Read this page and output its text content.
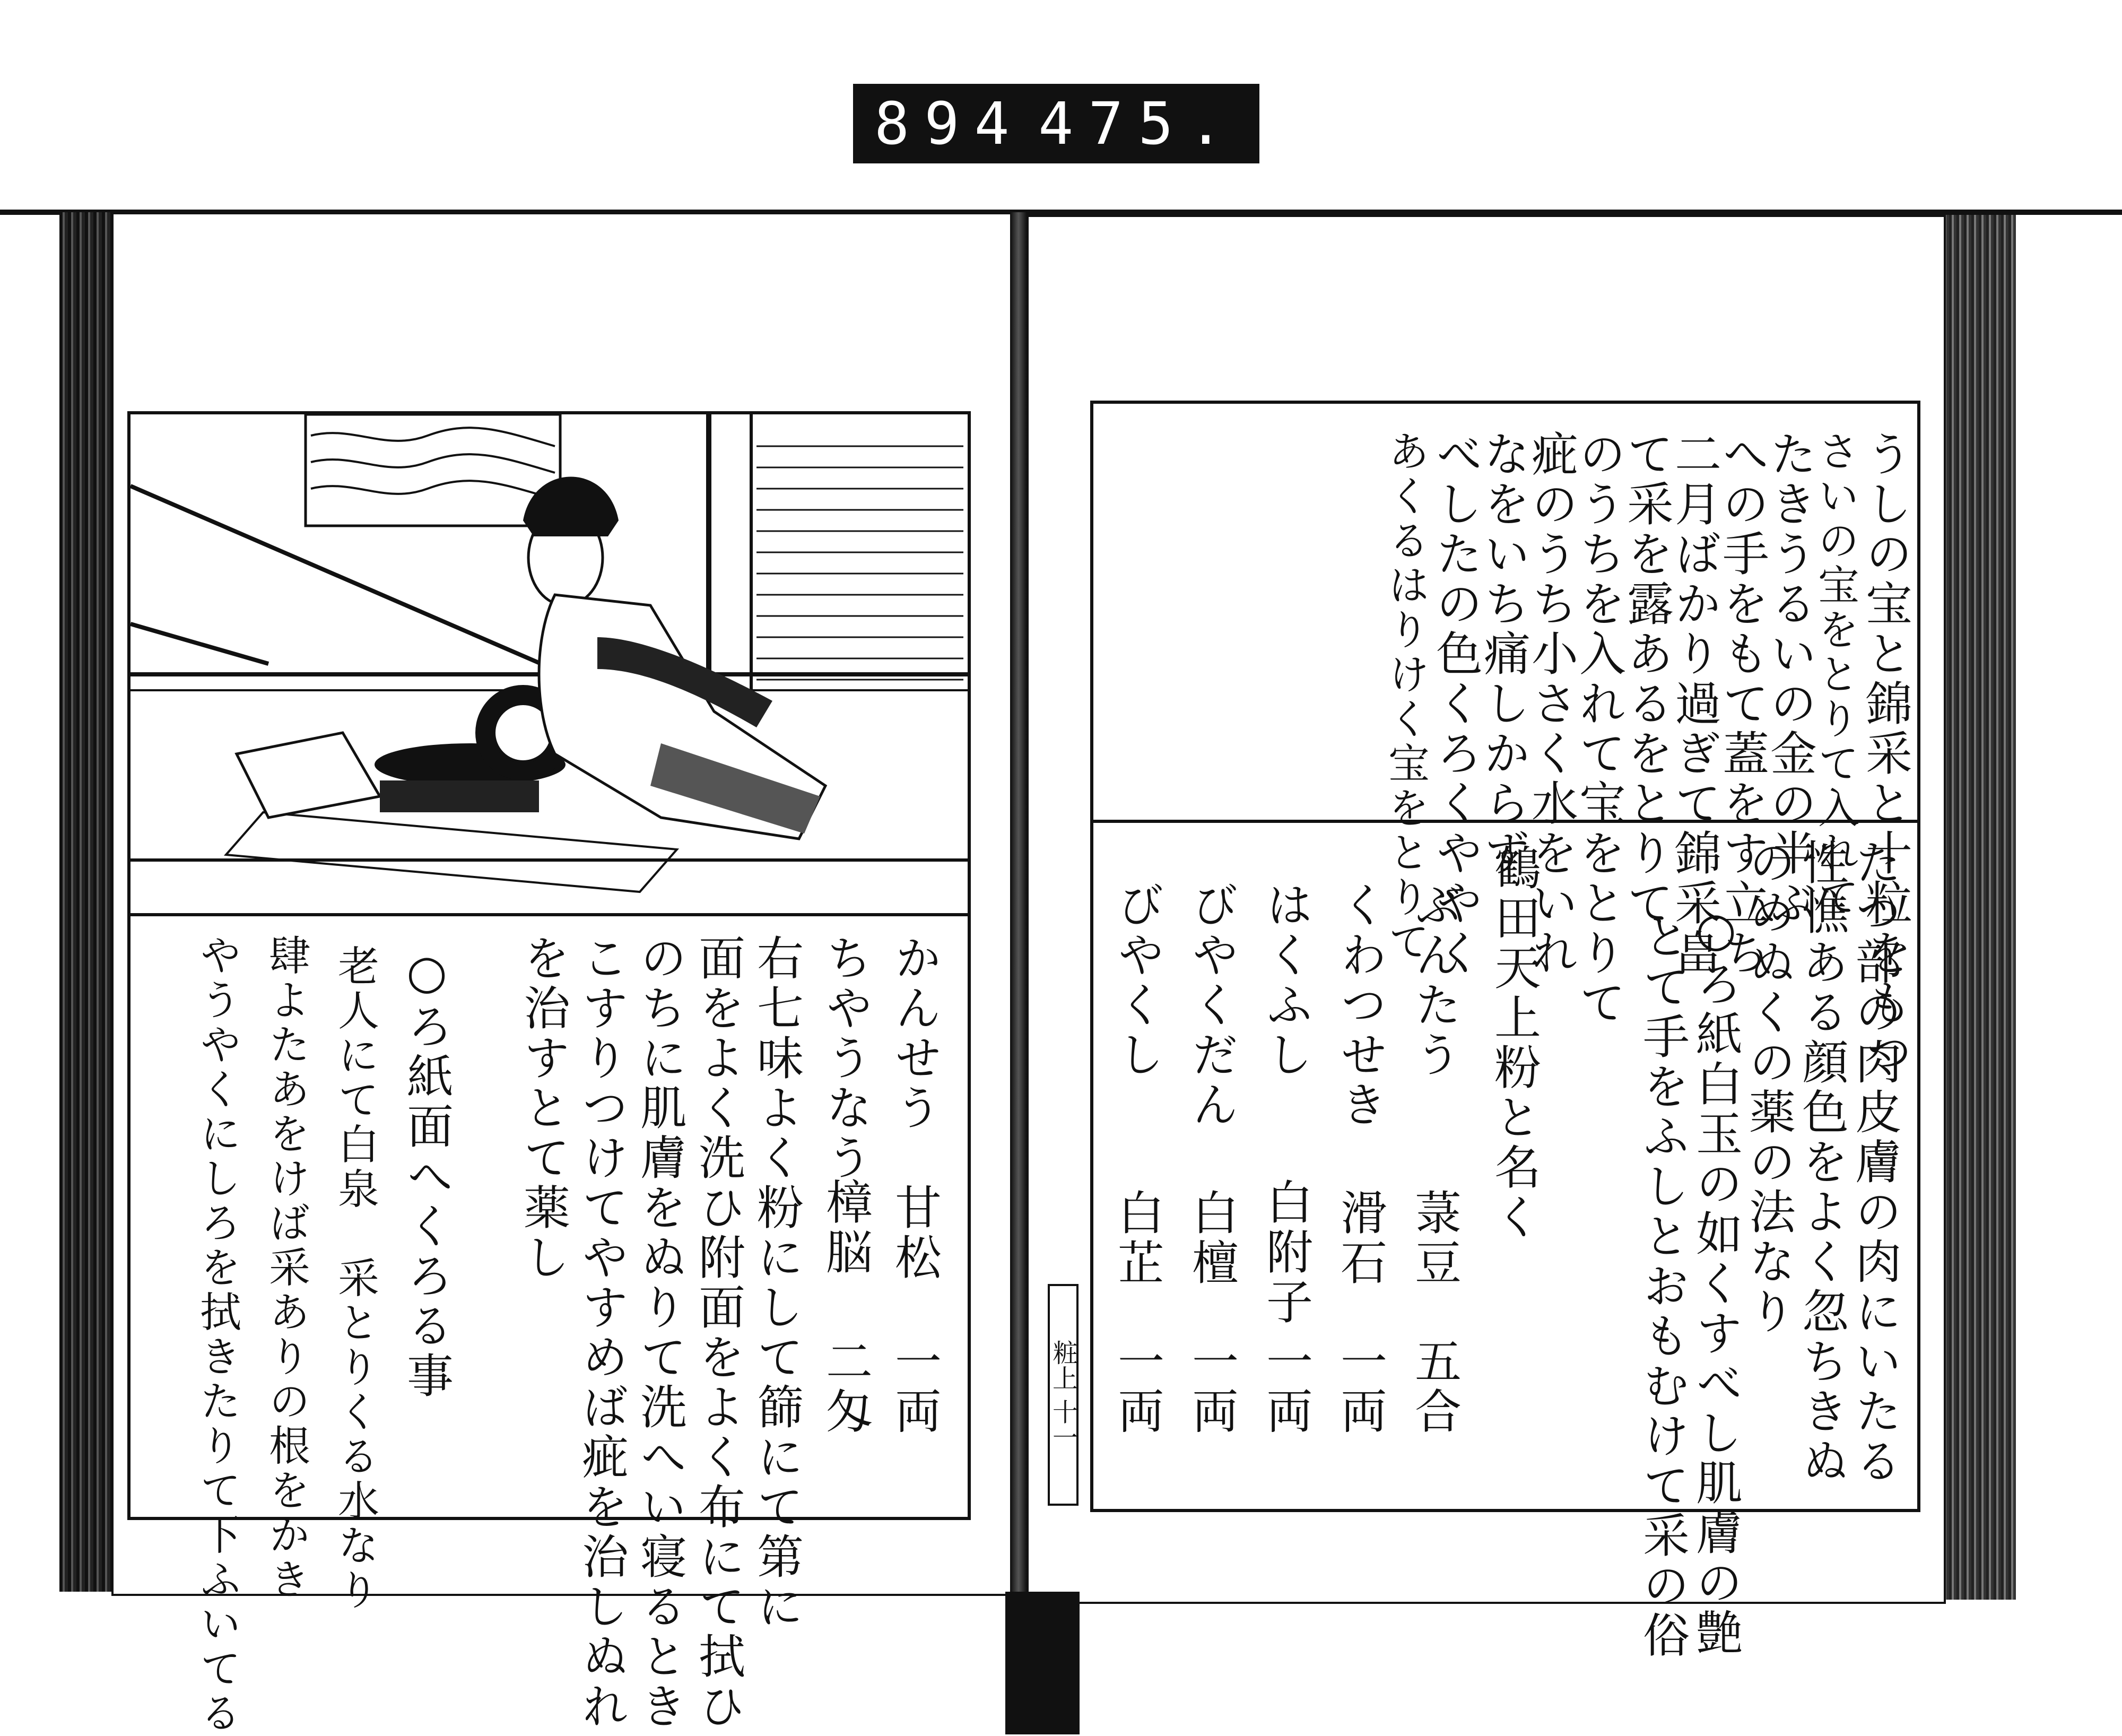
894 475.
うしの宝と錦采と十粒をもつ
さいの宝をとりて入れて
たきうるいの金の半ぶ
への手をもて蓋をす立ち
二月ばかり過ぎて錦采畠
て采を露あるをとりて
のうちを入れて宝をとりて
疵のうち小さく水をいれ
なをいち痛しからず
べしたの色くろくややく
あくるはりけく宝をとりて
たつ部の肉皮膚の肉にいたる
性憔ある顔色をよく忽ちきぬ
のめぬくの薬の法なり
○ろ紙白玉の如くすべし肌膚の艶
とて手をふしとおもむけて采の俗
鶴田天上粉と名く
ぶんたう
菉豆
五合
くわつせき
滑石
一両
はくふし
白附子
一両
びやくだん
白檀
一両
びやくし
白芷
一両
粧上 十一
かんせう
甘松
一両
ちやうなう
樟脳
二匁
右七味よく粉にして篩にて第に
面をよく洗ひ附面をよく布にて拭ひ
のちに肌膚をぬりて洗へい寝るとき
こすりつけてやすめば疵を治しぬれ
を治すとて薬し
○ろ紙面へくろる事
老人にて白泉　采とりくる水なり
肆よたあをけば采ありの根をかき
やうやくにしろを拭きたりて下ふいてる
